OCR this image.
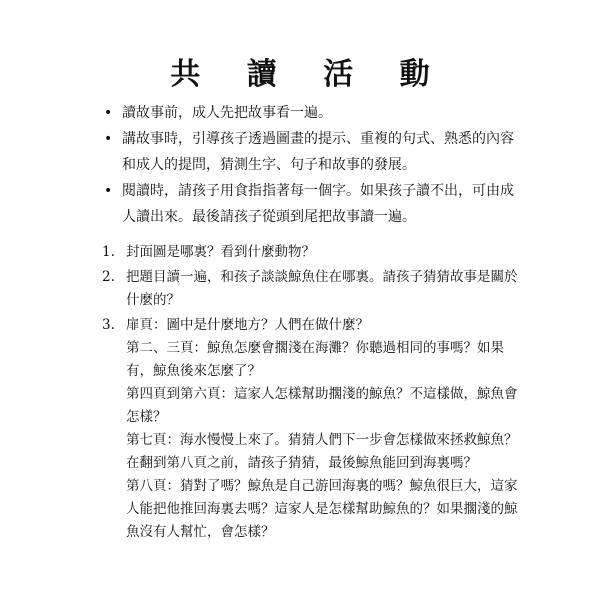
共 讀 活 動
• 讀故事前，成人先把故事看一遍。
• 講故事時，引導孩子透過圖畫的提示、重複的句式、熟悉的內容和成人的提問，猜測生字、句子和故事的發展。
• 閱讀時，請孩子用食指指著每一個字。如果孩子讀不出，可由成人讀出來。最後請孩子從頭到尾把故事讀一遍。
1. 封面圖是哪裏？看到什麼動物？
2. 把題目讀一遍，和孩子談談鯨魚住在哪裏。請孩子猜猜故事是關於什麼的？
3. 扉頁：圖中是什麼地方？人們在做什麼？
第二、三頁：鯨魚怎麼會擱淺在海灘？你聽過相同的事嗎？如果有，鯨魚後來怎麼了？
第四頁到第六頁：這家人怎樣幫助擱淺的鯨魚？不這樣做，鯨魚會怎樣？
第七頁：海水慢慢上來了。猜猜人們下一步會怎樣做來拯救鯨魚？在翻到第八頁之前，請孩子猜猜，最後鯨魚能回到海裏嗎？
第八頁：猜對了嗎？鯨魚是自己游回海裏的嗎？鯨魚很巨大，這家人能把他推回海裏去嗎？這家人是怎樣幫助鯨魚的？如果擱淺的鯨魚沒有人幫忙，會怎樣？
